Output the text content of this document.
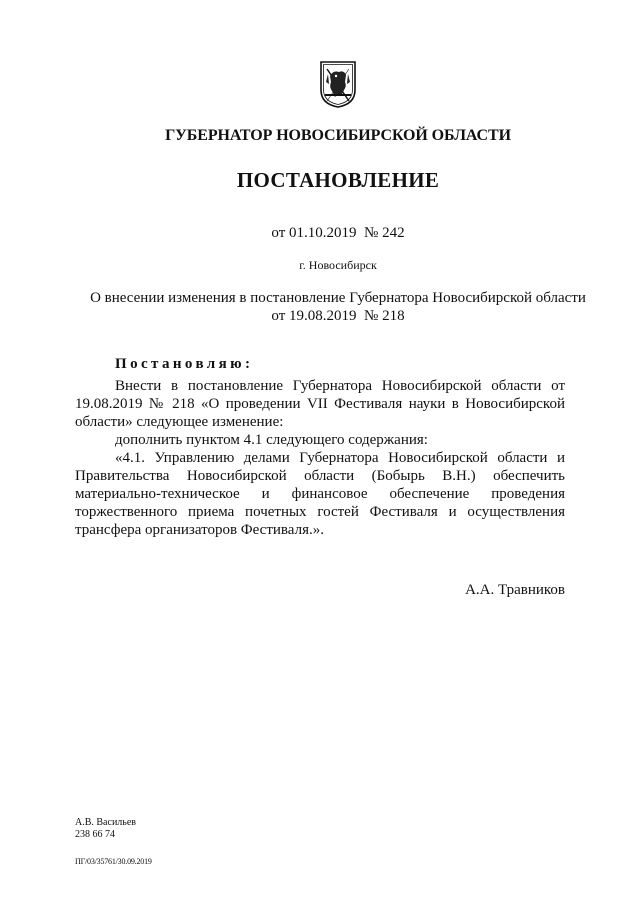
ГУБЕРНАТОР НОВОСИБИРСКОЙ ОБЛАСТИ
ПОСТАНОВЛЕНИЕ
от 01.10.2019  № 242
г. Новосибирск
О внесении изменения в постановление Губернатора Новосибирской области
от 19.08.2019  № 218
Постановляю:

Внести в постановление Губернатора Новосибирской области от 19.08.2019 № 218 «О проведении VII Фестиваля науки в Новосибирской области» следующее изменение:

дополнить пунктом 4.1 следующего содержания:

«4.1. Управлению делами Губернатора Новосибирской области и Правительства Новосибирской области (Бобырь В.Н.) обеспечить материально-техническое и финансовое обеспечение проведения торжественного приема почетных гостей Фестиваля и осуществления трансфера организаторов Фестиваля.».

А.А. Травников
А.В. Васильев
238 66 74
ПГ/03/35761/30.09.2019
